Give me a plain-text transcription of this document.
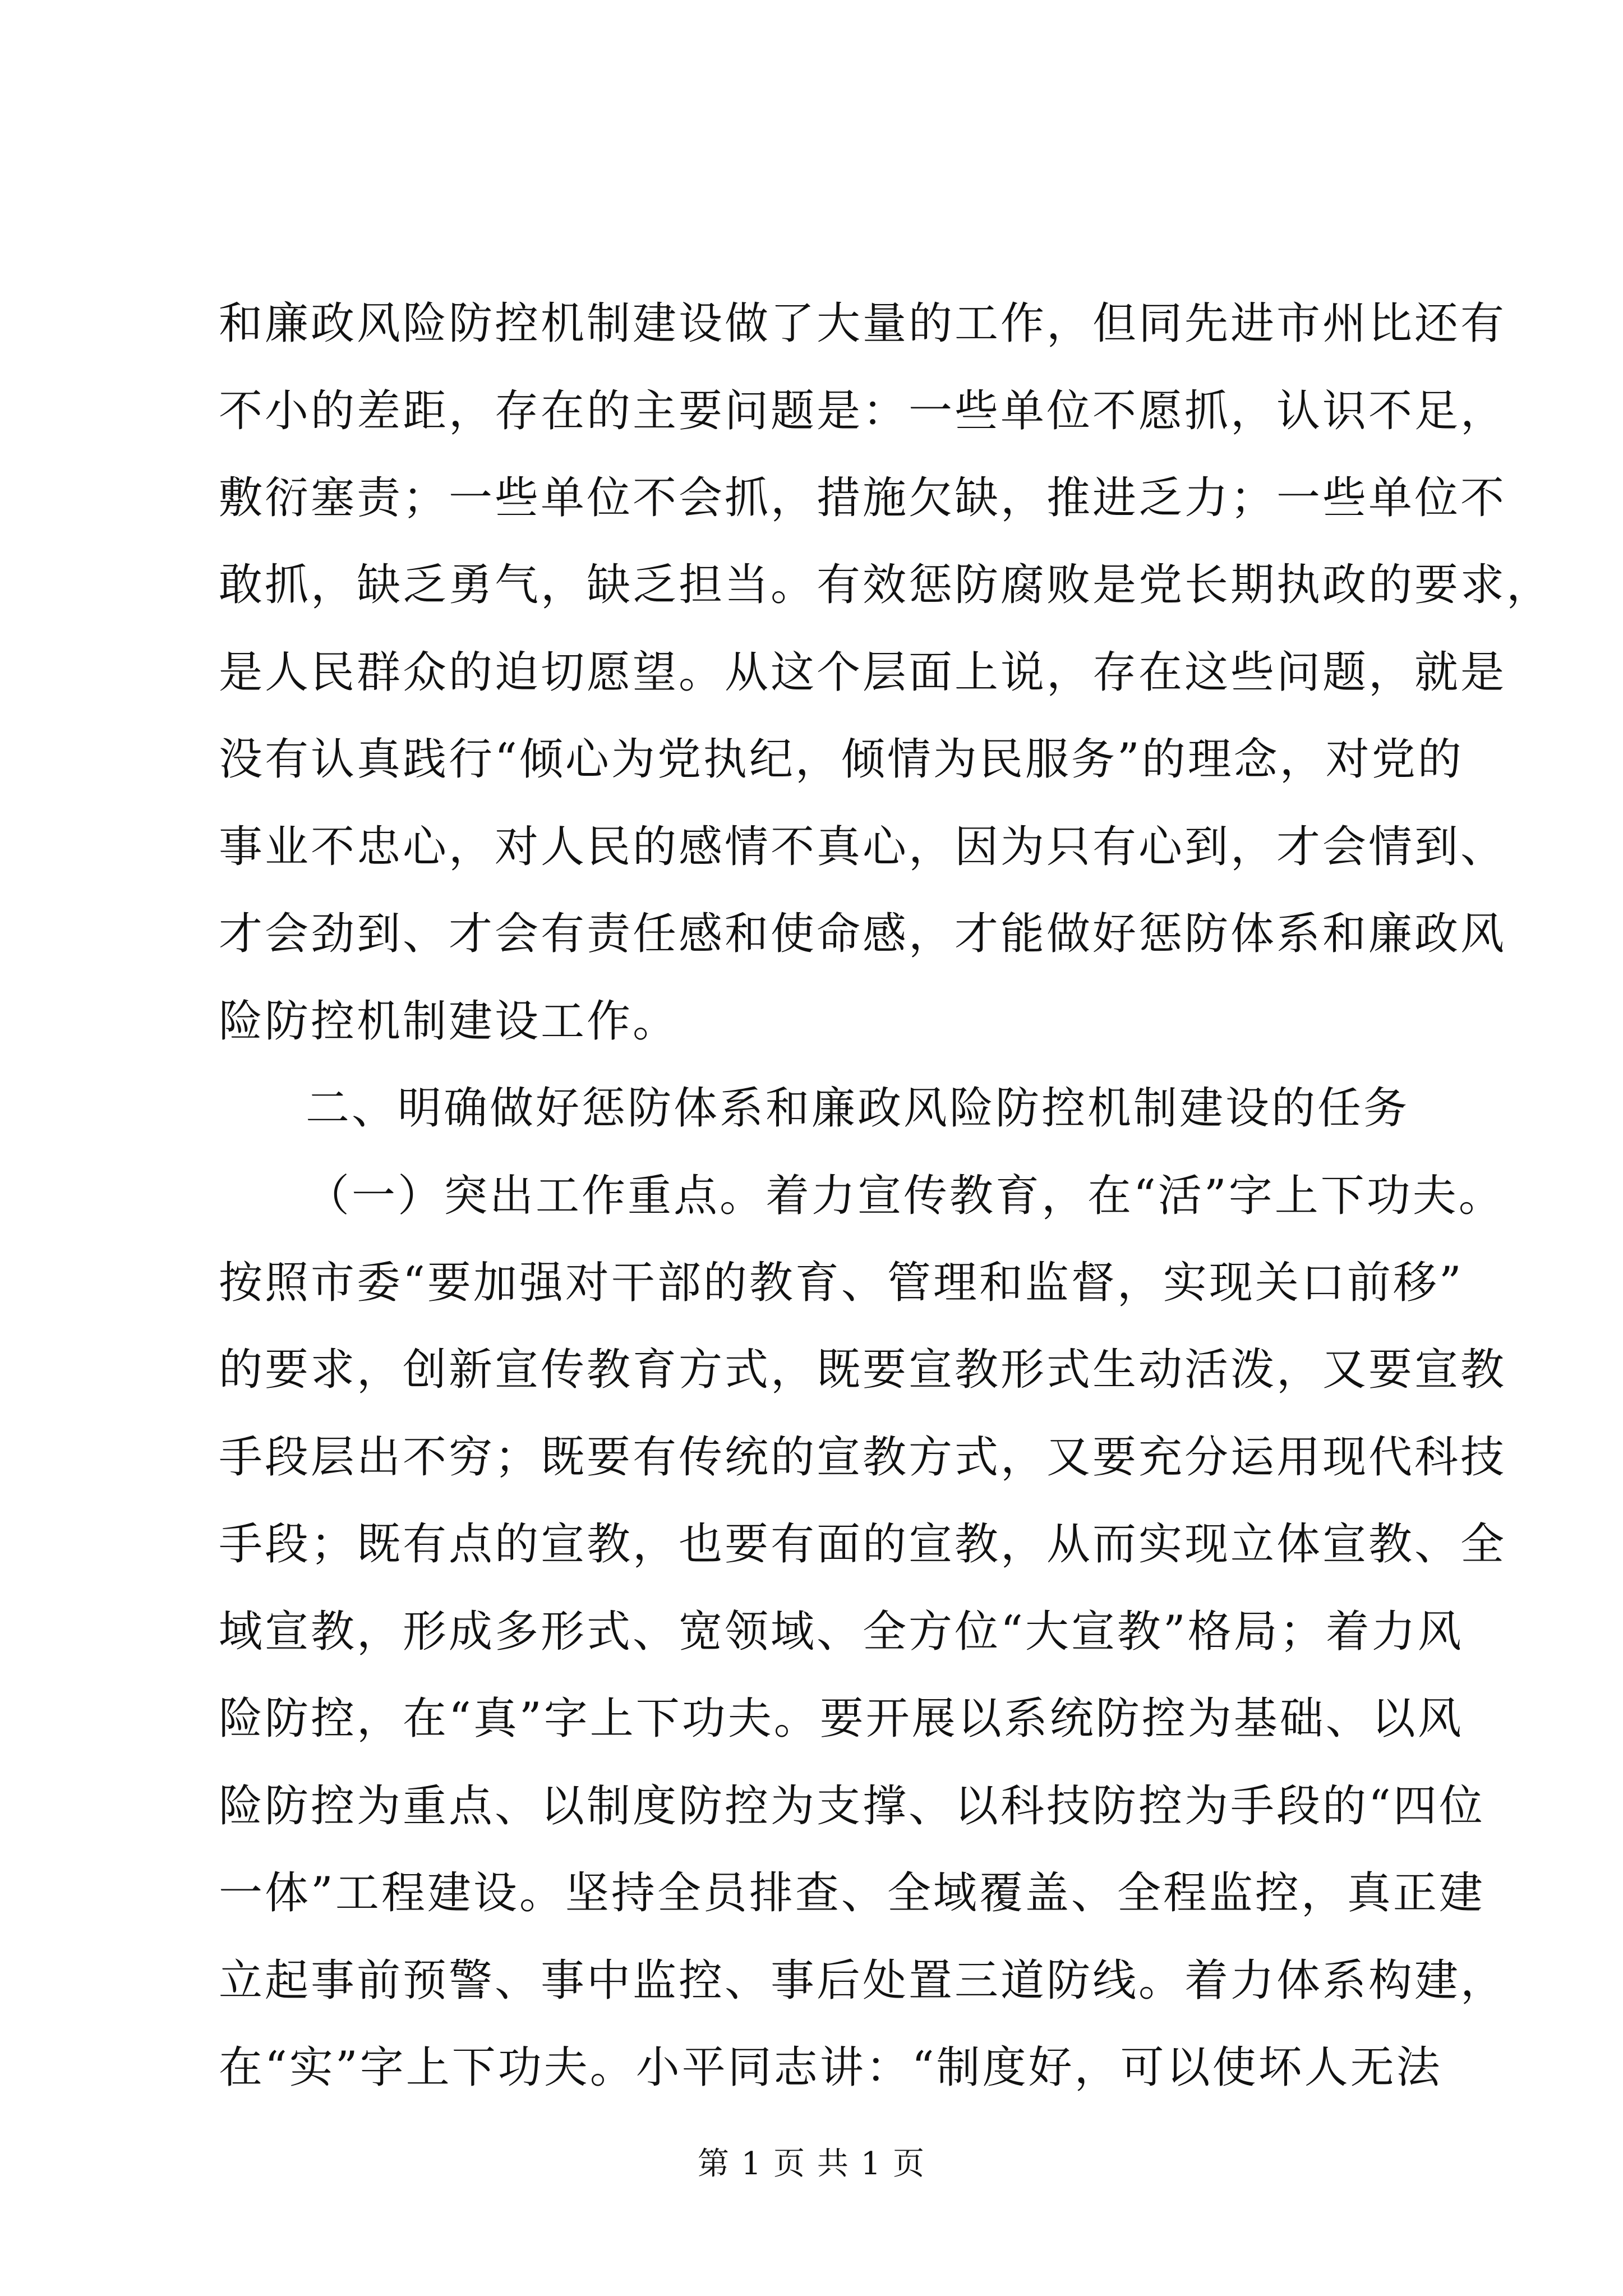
和廉政风险防控机制建设做了大量的工作，但同先进市州比还有
不小的差距，存在的主要问题是：一些单位不愿抓，认识不足，
敷衍塞责；一些单位不会抓，措施欠缺，推进乏力；一些单位不
敢抓，缺乏勇气，缺乏担当。有效惩防腐败是党长期执政的要求，
是人民群众的迫切愿望。从这个层面上说，存在这些问题，就是
没有认真践行“倾心为党执纪，倾情为民服务”的理念，对党的
事业不忠心，对人民的感情不真心，因为只有心到，才会情到、
才会劲到、才会有责任感和使命感，才能做好惩防体系和廉政风
险防控机制建设工作。
二、明确做好惩防体系和廉政风险防控机制建设的任务
（一）突出工作重点。着力宣传教育，在“活”字上下功夫。
按照市委“要加强对干部的教育、管理和监督，实现关口前移”
的要求，创新宣传教育方式，既要宣教形式生动活泼，又要宣教
手段层出不穷；既要有传统的宣教方式，又要充分运用现代科技
手段；既有点的宣教，也要有面的宣教，从而实现立体宣教、全
域宣教，形成多形式、宽领域、全方位“大宣教”格局；着力风
险防控，在“真”字上下功夫。要开展以系统防控为基础、以风
险防控为重点、以制度防控为支撑、以科技防控为手段的“四位
一体”工程建设。坚持全员排查、全域覆盖、全程监控，真正建
立起事前预警、事中监控、事后处置三道防线。着力体系构建，
在“实”字上下功夫。小平同志讲：“制度好，可以使坏人无法
第 1 页 共 1 页
